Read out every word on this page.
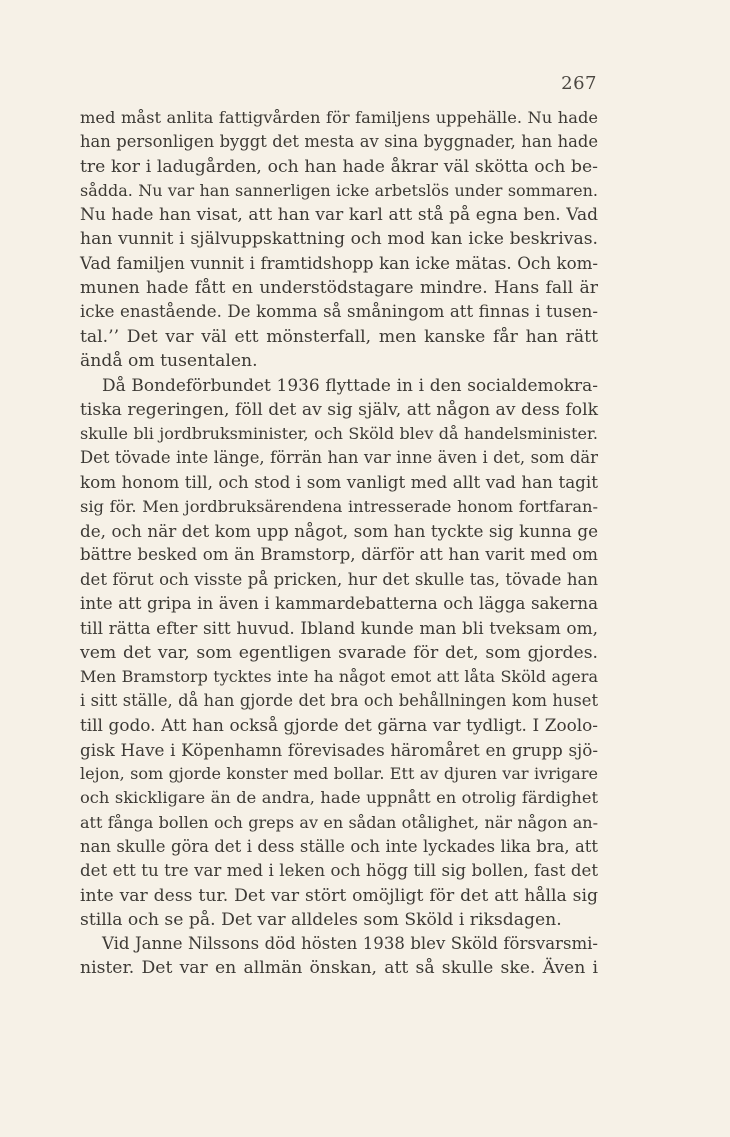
267
med måst anlita fattigvården för familjens uppehälle. Nu hade
han personligen byggt det mesta av sina byggnader, han hade
tre kor i ladugården, och han hade åkrar väl skötta och be-
sådda. Nu var han sannerligen icke arbetslös under sommaren.
Nu hade han visat, att han var karl att stå på egna ben. Vad
han vunnit i självuppskattning och mod kan icke beskrivas.
Vad familjen vunnit i framtidshopp kan icke mätas. Och kom-
munen hade fått en understödstagare mindre. Hans fall är
icke enastående. De komma så småningom att finnas i tusen-
tal.’’ Det var väl ett mönsterfall, men kanske får han rätt
ändå om tusentalen.
Då Bondeförbundet 1936 flyttade in i den socialdemokra-
tiska regeringen, föll det av sig själv, att någon av dess folk
skulle bli jordbruksminister, och Sköld blev då handelsminister.
Det tövade inte länge, förrän han var inne även i det, som där
kom honom till, och stod i som vanligt med allt vad han tagit
sig för. Men jordbruksärendena intresserade honom fortfaran-
de, och när det kom upp något, som han tyckte sig kunna ge
bättre besked om än Bramstorp, därför att han varit med om
det förut och visste på pricken, hur det skulle tas, tövade han
inte att gripa in även i kammardebatterna och lägga sakerna
till rätta efter sitt huvud. Ibland kunde man bli tveksam om,
vem det var, som egentligen svarade för det, som gjordes.
Men Bramstorp tycktes inte ha något emot att låta Sköld agera
i sitt ställe, då han gjorde det bra och behållningen kom huset
till godo. Att han också gjorde det gärna var tydligt. I Zoolo-
gisk Have i Köpenhamn förevisades häromåret en grupp sjö-
lejon, som gjorde konster med bollar. Ett av djuren var ivrigare
och skickligare än de andra, hade uppnått en otrolig färdighet
att fånga bollen och greps av en sådan otålighet, när någon an-
nan skulle göra det i dess ställe och inte lyckades lika bra, att
det ett tu tre var med i leken och högg till sig bollen, fast det
inte var dess tur. Det var stört omöjligt för det att hålla sig
stilla och se på. Det var alldeles som Sköld i riksdagen.
Vid Janne Nilssons död hösten 1938 blev Sköld försvarsmi-
nister. Det var en allmän önskan, att så skulle ske. Även i
